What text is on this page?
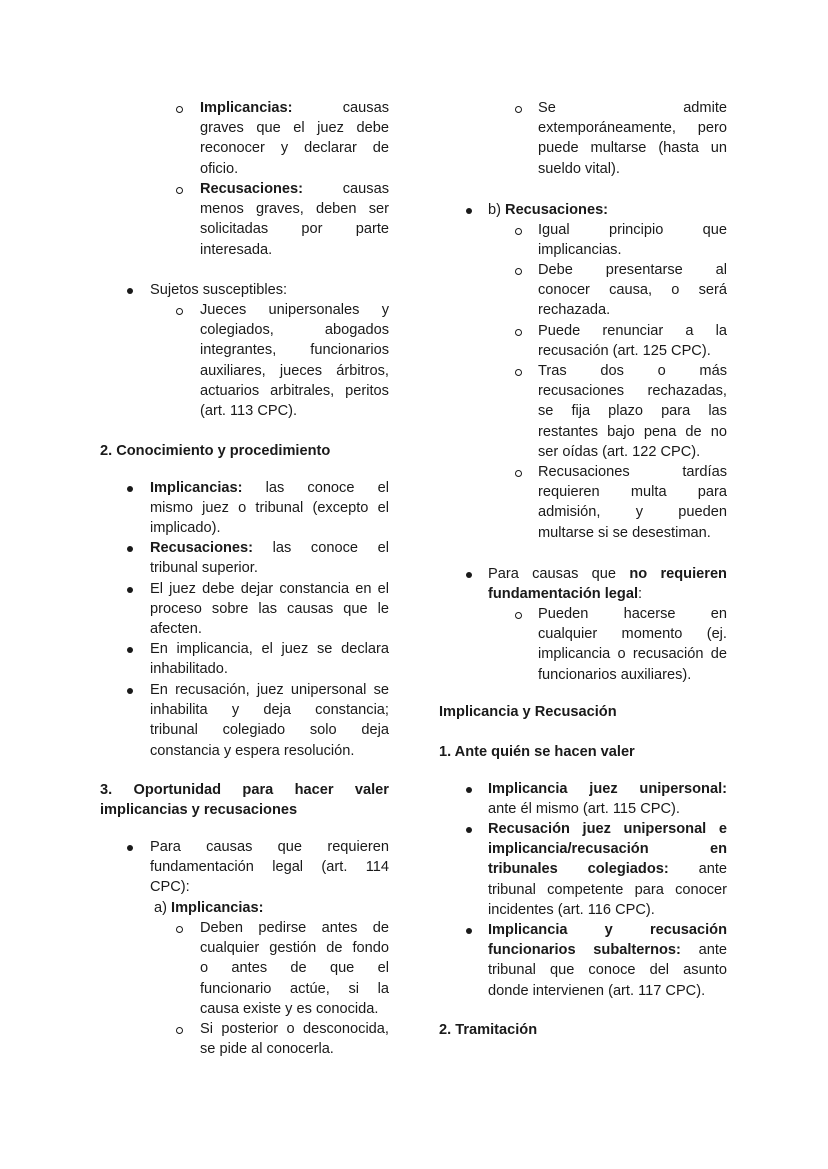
Implicancias:	causas
graves que el juez debe
reconocer y declarar de
oficio.
Recusaciones:	causas
menos graves, deben ser
solicitadas por parte
interesada.
Sujetos susceptibles:
Jueces unipersonales y
colegiados,	abogados
integrantes, funcionarios
auxiliares, jueces árbitros,
actuarios arbitrales, peritos
(art. 113 CPC).
2. Conocimiento y procedimiento
Implicancias: las conoce el
mismo juez o tribunal (excepto el
implicado).
Recusaciones: las conoce el
tribunal superior.
El juez debe dejar constancia en el
proceso sobre las causas que le
afecten.
En implicancia, el juez se declara
inhabilitado.
En recusación, juez unipersonal se
inhabilita y deja constancia;
tribunal colegiado solo deja
constancia y espera resolución.
3. Oportunidad para hacer valer
implicancias y recusaciones
Para causas que requieren
fundamentación legal (art. 114
CPC):
a) Implicancias:
Deben pedirse antes de
cualquier gestión de fondo
o antes de que el
funcionario actúe, si la
causa existe y es conocida.
Si posterior o desconocida,
se pide al conocerla.
Se	admite
extemporáneamente, pero
puede multarse (hasta un
sueldo vital).
b) Recusaciones:
Igual	principio	que
implicancias.
Debe presentarse al
conocer causa, o será
rechazada.
Puede renunciar a la
recusación (art. 125 CPC).
Tras dos o más
recusaciones rechazadas,
se fija plazo para las
restantes bajo pena de no
ser oídas (art. 122 CPC).
Recusaciones	tardías
requieren multa para
admisión, y pueden
multarse si se desestiman.
Para causas que no requieren
fundamentación legal:
Pueden hacerse en
cualquier momento (ej.
implicancia o recusación de
funcionarios auxiliares).
Implicancia y Recusación
1. Ante quién se hacen valer
Implicancia juez unipersonal:
ante él mismo (art. 115 CPC).
Recusación juez unipersonal e
implicancia/recusación	en
tribunales colegiados: ante
tribunal competente para conocer
incidentes (art. 116 CPC).
Implicancia	y	recusación
funcionarios subalternos: ante
tribunal que conoce del asunto
donde intervienen (art. 117 CPC).
2. Tramitación
